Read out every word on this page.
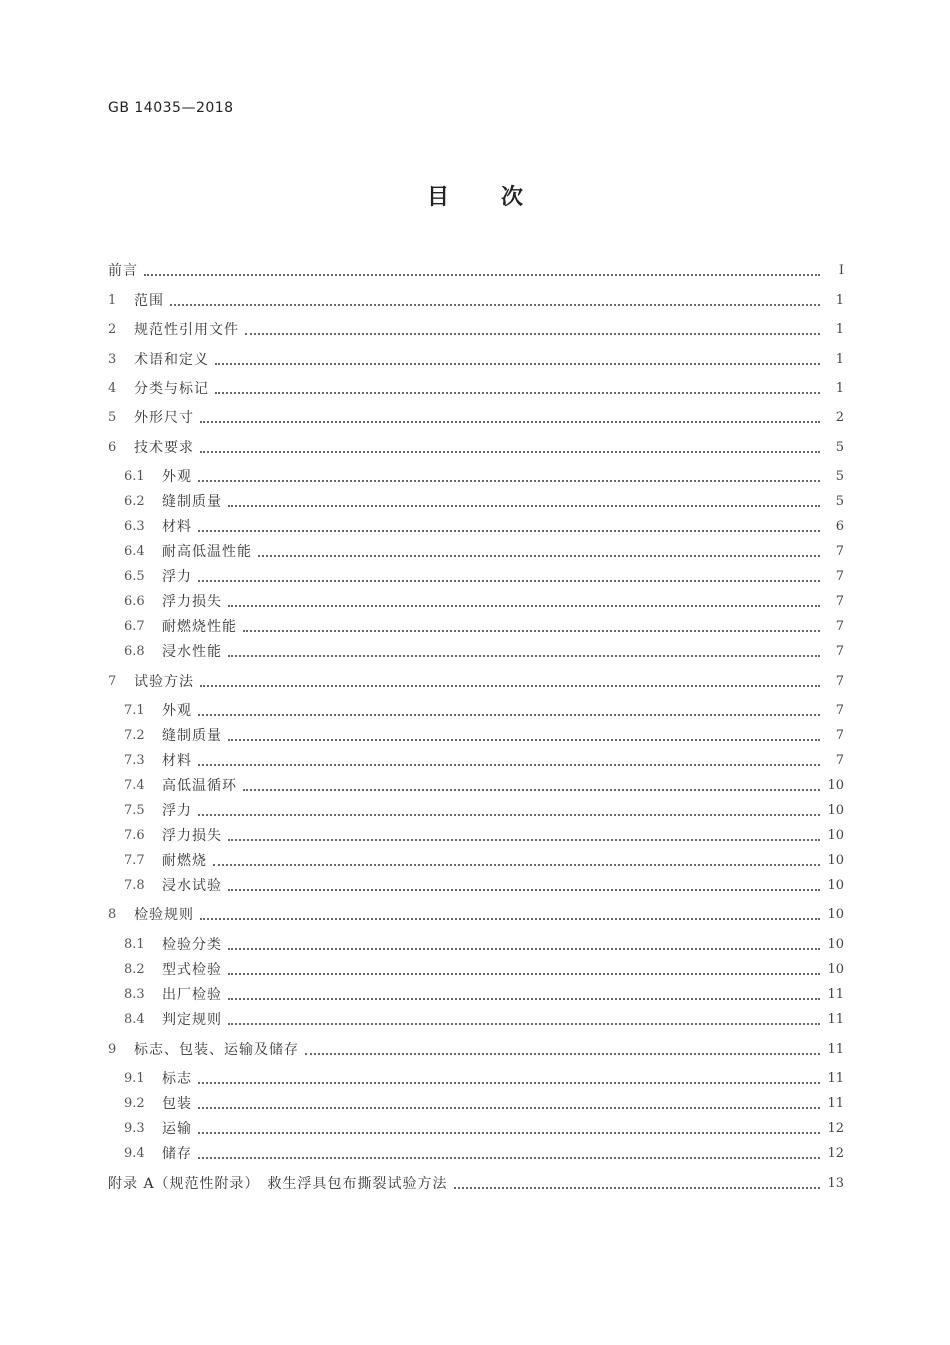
GB 14035—2018
目 次
前言	Ⅰ
1	范围	1
2	规范性引用文件	1
3	术语和定义	1
4	分类与标记	1
5	外形尺寸	2
6	技术要求	5
6.1	外观	5
6.2	缝制质量	5
6.3	材料	6
6.4	耐高低温性能	7
6.5	浮力	7
6.6	浮力损失	7
6.7	耐燃烧性能	7
6.8	浸水性能	7
7	试验方法	7
7.1	外观	7
7.2	缝制质量	7
7.3	材料	7
7.4	高低温循环	10
7.5	浮力	10
7.6	浮力损失	10
7.7	耐燃烧	10
7.8	浸水试验	10
8	检验规则	10
8.1	检验分类	10
8.2	型式检验	10
8.3	出厂检验	11
8.4	判定规则	11
9	标志、包装、运输及储存	11
9.1	标志	11
9.2	包装	11
9.3	运输	12
9.4	储存	12
附录 A（规范性附录）　救生浮具包布撕裂试验方法	13
